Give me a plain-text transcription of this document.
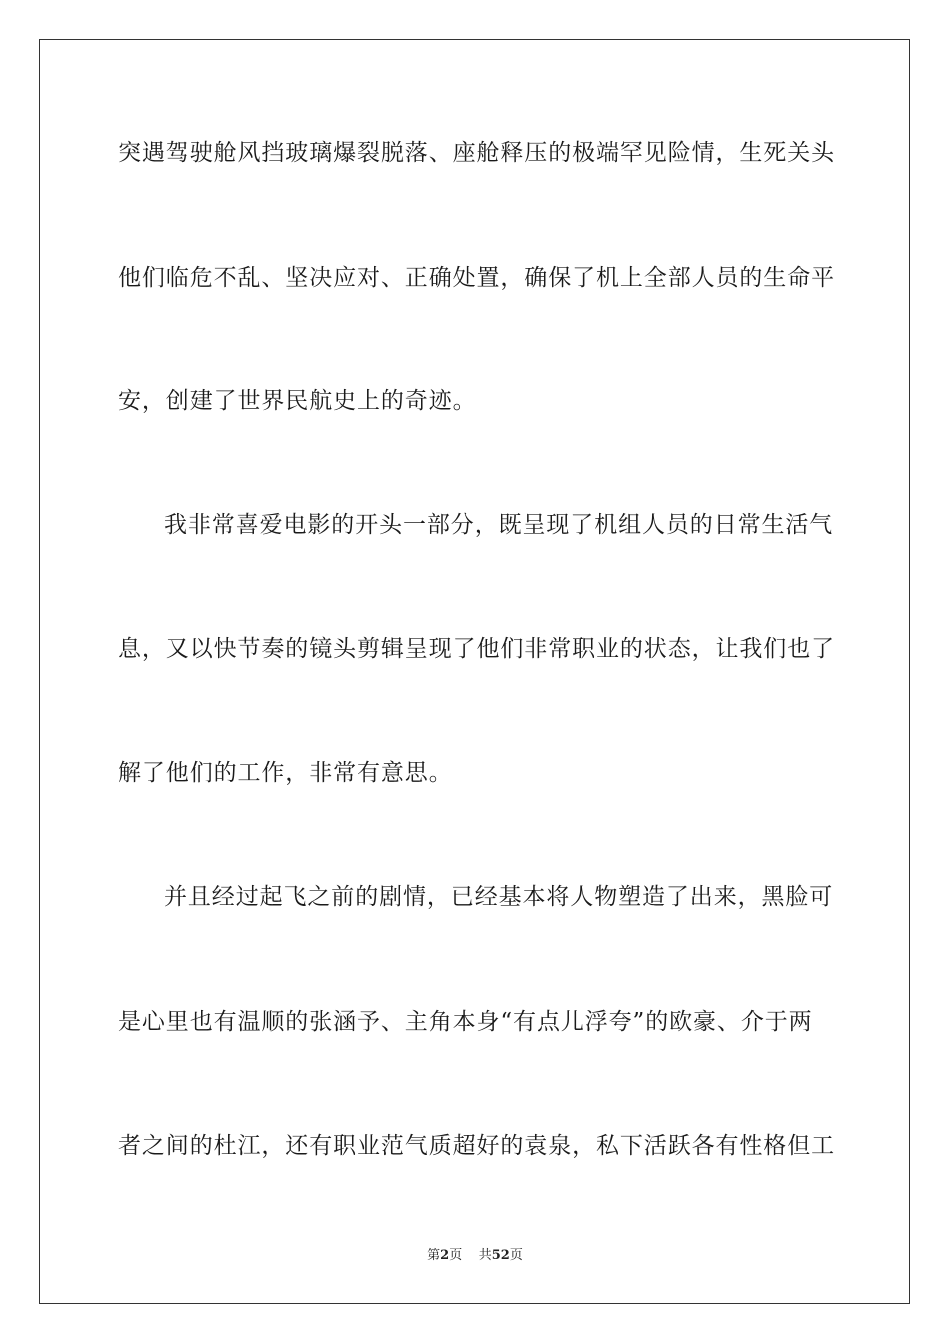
突遇驾驶舱风挡玻璃爆裂脱落、座舱释压的极端罕见险情，生死关头
他们临危不乱、坚决应对、正确处置，确保了机上全部人员的生命平
安，创建了世界民航史上的奇迹。
我非常喜爱电影的开头一部分，既呈现了机组人员的日常生活气
息，又以快节奏的镜头剪辑呈现了他们非常职业的状态，让我们也了
解了他们的工作，非常有意思。
并且经过起飞之前的剧情，已经基本将人物塑造了出来，黑脸可
是心里也有温顺的张涵予、主角本身“有点儿浮夸”的欧豪、介于两
者之间的杜江，还有职业范气质超好的袁泉，私下活跃各有性格但工
第2页 共52页
